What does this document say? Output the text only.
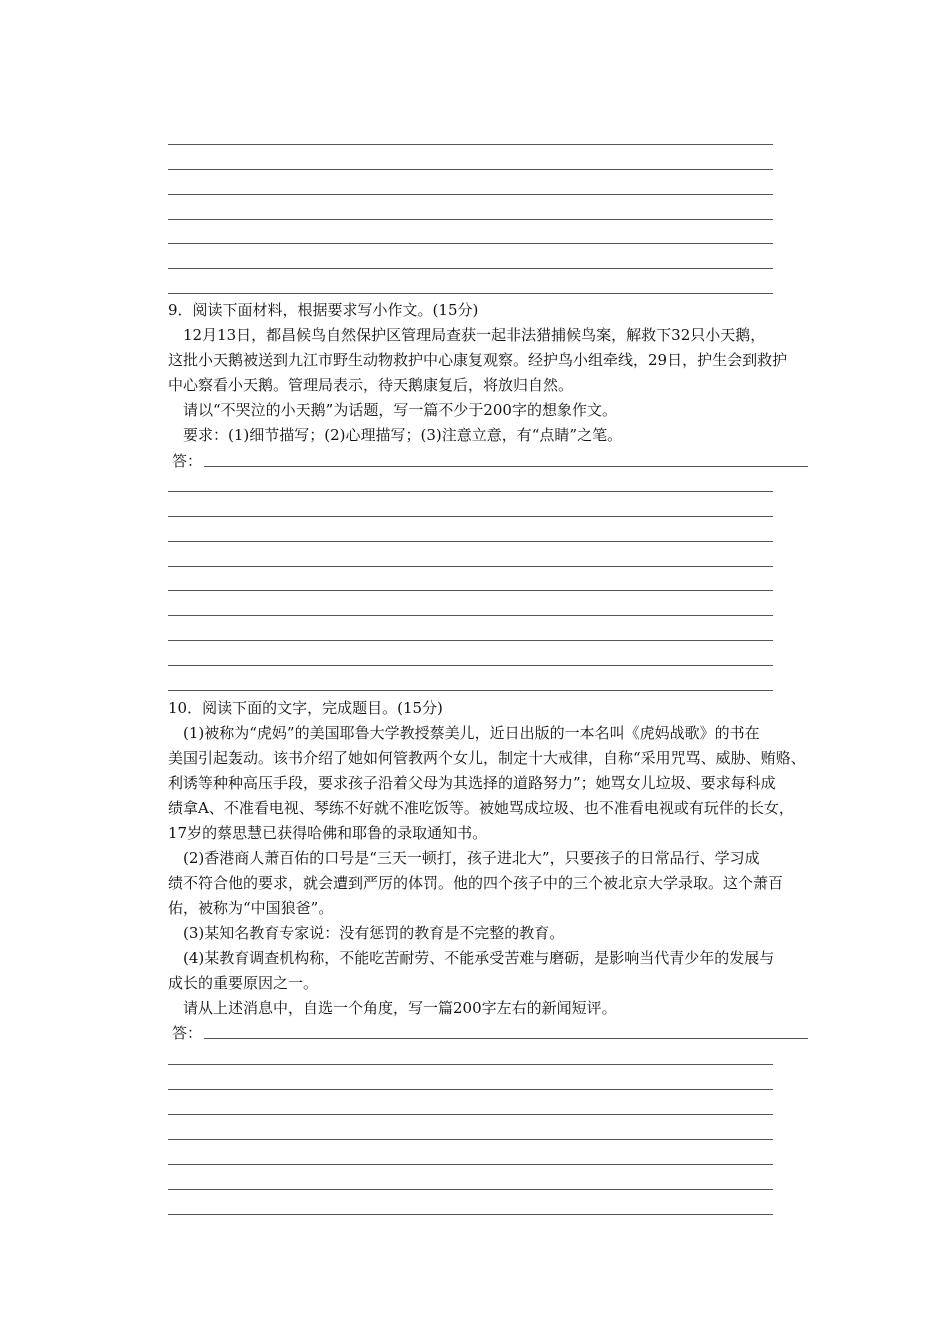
9．阅读下面材料，根据要求写小作文。(15分)
　12月13日，都昌候鸟自然保护区管理局查获一起非法猎捕候鸟案，解救下32只小天鹅，
这批小天鹅被送到九江市野生动物救护中心康复观察。经护鸟小组牵线，29日，护生会到救护
中心察看小天鹅。管理局表示，待天鹅康复后，将放归自然。
　请以“不哭泣的小天鹅”为话题，写一篇不少于200字的想象作文。
　要求：(1)细节描写；(2)心理描写；(3)注意立意，有“点睛”之笔。
答：
10．阅读下面的文字，完成题目。(15分)
　(1)被称为“虎妈”的美国耶鲁大学教授蔡美儿，近日出版的一本名叫《虎妈战歌》的书在
美国引起轰动。该书介绍了她如何管教两个女儿，制定十大戒律，自称“采用咒骂、威胁、贿赂、
利诱等种种高压手段，要求孩子沿着父母为其选择的道路努力”；她骂女儿垃圾、要求每科成
绩拿A、不准看电视、琴练不好就不准吃饭等。被她骂成垃圾、也不准看电视或有玩伴的长女，
17岁的蔡思慧已获得哈佛和耶鲁的录取通知书。
　(2)香港商人萧百佑的口号是“三天一顿打，孩子进北大”，只要孩子的日常品行、学习成
绩不符合他的要求，就会遭到严厉的体罚。他的四个孩子中的三个被北京大学录取。这个萧百
佑，被称为“中国狼爸”。
　(3)某知名教育专家说：没有惩罚的教育是不完整的教育。
　(4)某教育调查机构称，不能吃苦耐劳、不能承受苦难与磨砺，是影响当代青少年的发展与
成长的重要原因之一。
　请从上述消息中，自选一个角度，写一篇200字左右的新闻短评。
答：
